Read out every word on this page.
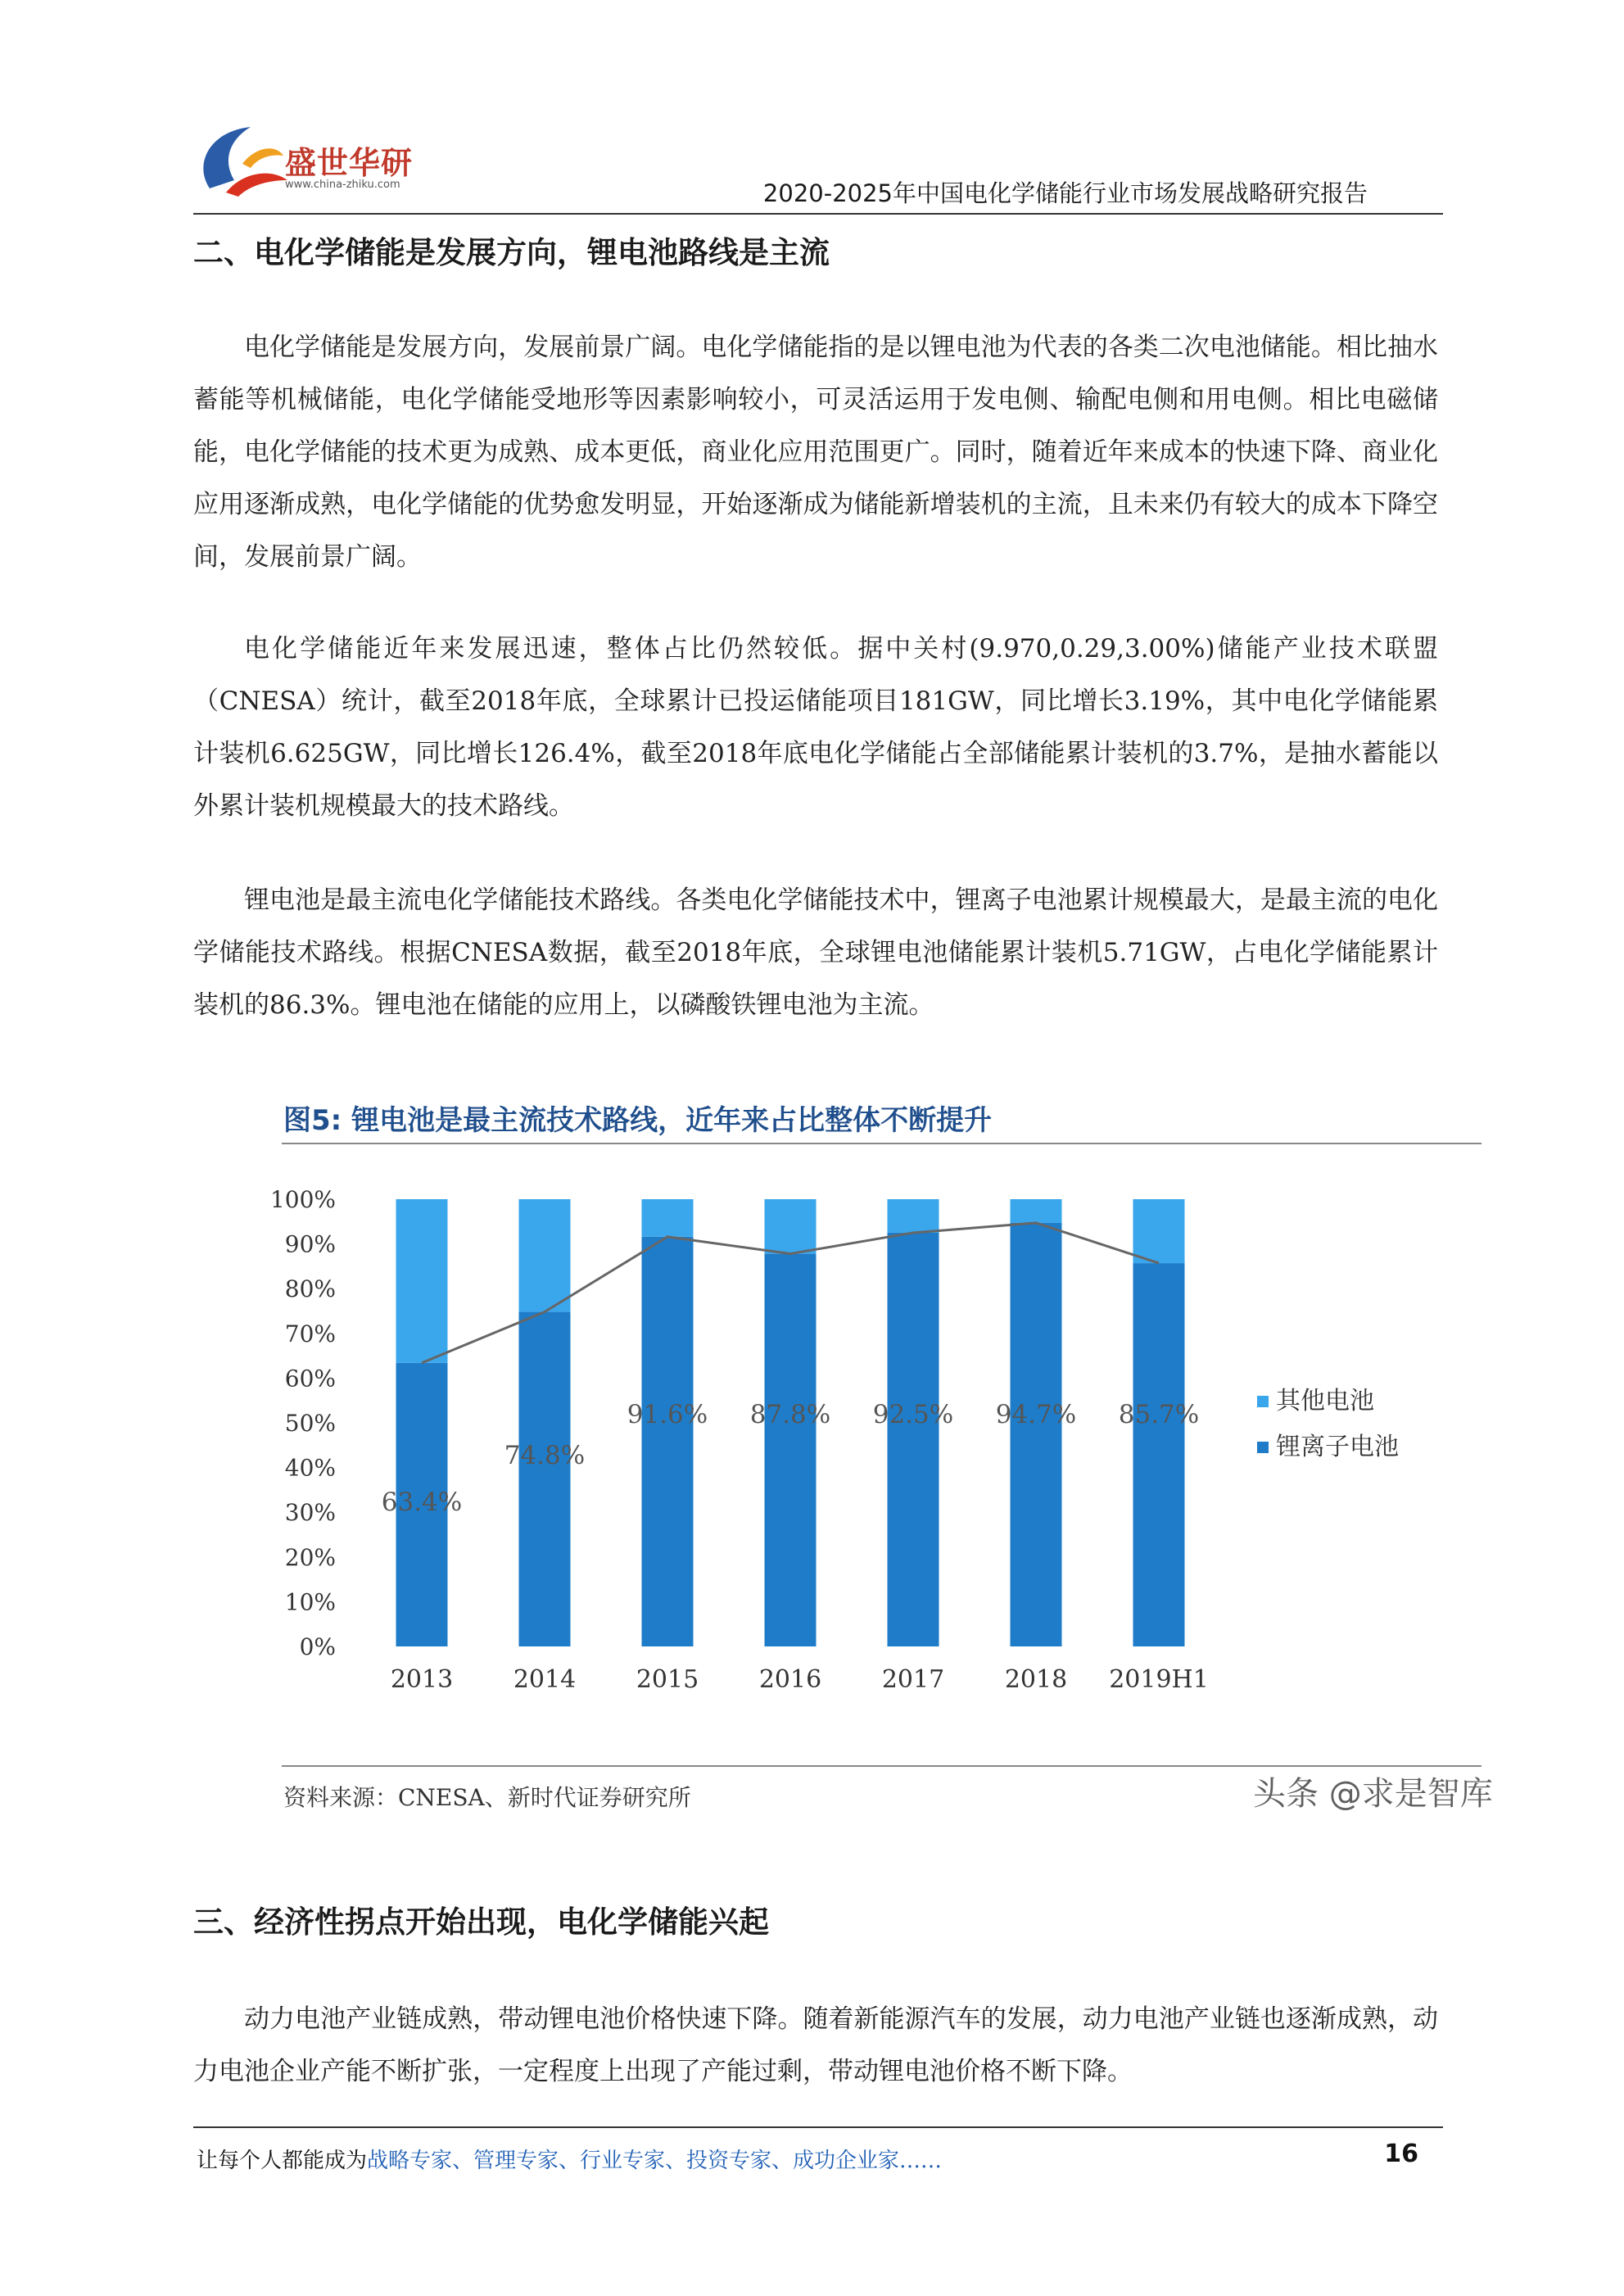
盛世华研
www.china-zhiku.com	2020-2025年中国电化学储能行业市场发展战略研究报告
二、电化学储能是发展方向，锂电池路线是主流

电化学储能是发展方向，发展前景广阔。电化学储能指的是以锂电池为代表的各类二次电池储能。相比抽水蓄能等机械储能，电化学储能受地形等因素影响较小，可灵活运用于发电侧、输配电侧和用电侧。相比电磁储能，电化学储能的技术更为成熟、成本更低，商业化应用范围更广。同时，随着近年来成本的快速下降、商业化应用逐渐成熟，电化学储能的优势愈发明显，开始逐渐成为储能新增装机的主流，且未来仍有较大的成本下降空间，发展前景广阔。

电化学储能近年来发展迅速，整体占比仍然较低。据中关村(9.970,0.29,3.00%)储能产业技术联盟（CNESA）统计，截至2018年底，全球累计已投运储能项目181GW，同比增长3.19%，其中电化学储能累计装机6.625GW，同比增长126.4%，截至2018年底电化学储能占全部储能累计装机的3.7%，是抽水蓄能以外累计装机规模最大的技术路线。

锂电池是最主流电化学储能技术路线。各类电化学储能技术中，锂离子电池累计规模最大，是最主流的电化学储能技术路线。根据CNESA数据，截至2018年底，全球锂电池储能累计装机5.71GW，占电化学储能累计装机的86.3%。锂电池在储能的应用上，以磷酸铁锂电池为主流。

图5: 锂电池是最主流技术路线，近年来占比整体不断提升
0%
10%
20%
30%
40%
50%
60%
70%
80%
90%
100%
2013 2014 2015 2016 2017 2018 2019H1
63.4%
74.8%
91.6% 87.8% 92.5% 94.7% 85.7%	其他电池
锂离子电池
资料来源：CNESA、新时代证券研究所	头条 @求是智库
三、经济性拐点开始出现，电化学储能兴起

动力电池产业链成熟，带动锂电池价格快速下降。随着新能源汽车的发展，动力电池产业链也逐渐成熟，动力电池企业产能不断扩张，一定程度上出现了产能过剩，带动锂电池价格不断下降。

让每个人都能成为战略专家、管理专家、行业专家、投资专家、成功企业家……	16
